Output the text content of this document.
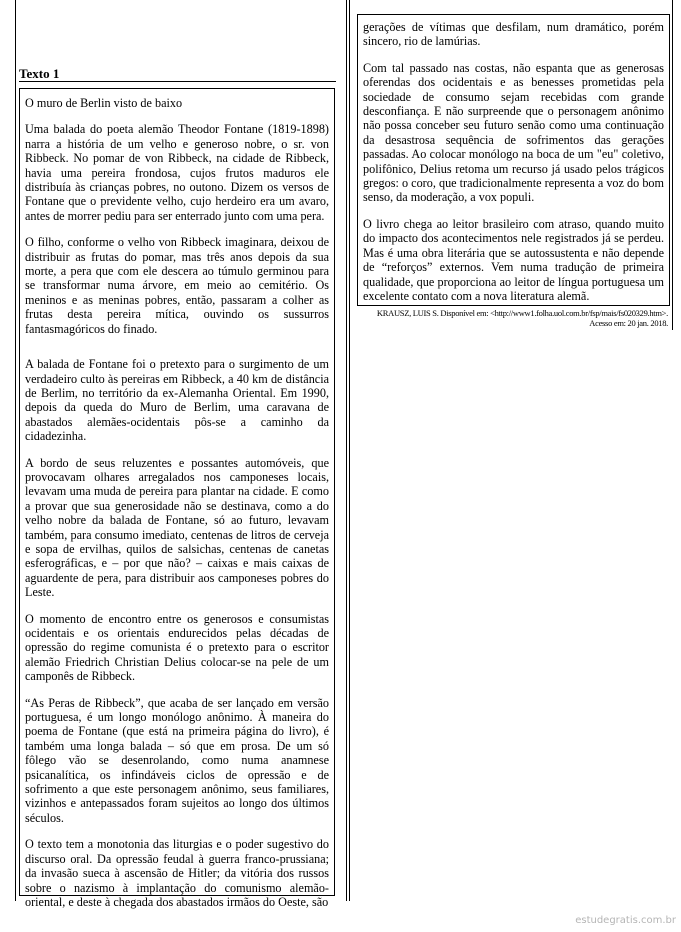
Texto 1

O muro de Berlin visto de baixo

Uma balada do poeta alemão Theodor Fontane (1819-1898) narra a história de um velho e generoso nobre, o sr. von Ribbeck. No pomar de von Ribbeck, na cidade de Ribbeck, havia uma pereira frondosa, cujos frutos maduros ele distribuía às crianças pobres, no outono. Dizem os versos de Fontane que o previdente velho, cujo herdeiro era um avaro, antes de morrer pediu para ser enterrado junto com uma pera.

O filho, conforme o velho von Ribbeck imaginara, deixou de distribuir as frutas do pomar, mas três anos depois da sua morte, a pera que com ele descera ao túmulo germinou para se transformar numa árvore, em meio ao cemitério. Os meninos e as meninas pobres, então, passaram a colher as frutas desta pereira mítica, ouvindo os sussurros fantasmagóricos do finado.

A balada de Fontane foi o pretexto para o surgimento de um verdadeiro culto às pereiras em Ribbeck, a 40 km de distância de Berlim, no território da ex-Alemanha Oriental. Em 1990, depois da queda do Muro de Berlim, uma caravana de abastados alemães-ocidentais pôs-se a caminho da cidadezinha.

A bordo de seus reluzentes e possantes automóveis, que provocavam olhares arregalados nos camponeses locais, levavam uma muda de pereira para plantar na cidade. E como a provar que sua generosidade não se destinava, como a do velho nobre da balada de Fontane, só ao futuro, levavam também, para consumo imediato, centenas de litros de cerveja e sopa de ervilhas, quilos de salsichas, centenas de canetas esferográficas, e – por que não? – caixas e mais caixas de aguardente de pera, para distribuir aos camponeses pobres do Leste.

O momento de encontro entre os generosos e consumistas ocidentais e os orientais endurecidos pelas décadas de opressão do regime comunista é o pretexto para o escritor alemão Friedrich Christian Delius colocar-se na pele de um camponês de Ribbeck.

“As Peras de Ribbeck”, que acaba de ser lançado em versão portuguesa, é um longo monólogo anônimo. À maneira do poema de Fontane (que está na primeira página do livro), é também uma longa balada – só que em prosa. De um só fôlego vão se desenrolando, como numa anamnese psicanalítica, os infindáveis ciclos de opressão e de sofrimento a que este personagem anônimo, seus familiares, vizinhos e antepassados foram sujeitos ao longo dos últimos séculos.

O texto tem a monotonia das liturgias e o poder sugestivo do discurso oral. Da opressão feudal à guerra franco-prussiana; da invasão sueca à ascensão de Hitler; da vitória dos russos sobre o nazismo à implantação do comunismo alemão-oriental, e deste à chegada dos abastados irmãos do Oeste, são

gerações de vítimas que desfilam, num dramático, porém sincero, rio de lamúrias.

Com tal passado nas costas, não espanta que as generosas oferendas dos ocidentais e as benesses prometidas pela sociedade de consumo sejam recebidas com grande desconfiança. E não surpreende que o personagem anônimo não possa conceber seu futuro senão como uma continuação da desastrosa sequência de sofrimentos das gerações passadas. Ao colocar monólogo na boca de um "eu" coletivo, polifônico, Delius retoma um recurso já usado pelos trágicos gregos: o coro, que tradicionalmente representa a voz do bom senso, da moderação, a vox populi.

O livro chega ao leitor brasileiro com atraso, quando muito do impacto dos acontecimentos nele registrados já se perdeu. Mas é uma obra literária que se autossustenta e não depende de “reforços” externos. Vem numa tradução de primeira qualidade, que proporciona ao leitor de língua portuguesa um excelente contato com a nova literatura alemã.

KRAUSZ, LUIS S. Disponível em: <http://www1.folha.uol.com.br/fsp/mais/fs020329.htm>.
Acesso em: 20 jan. 2018.
estudegratis.com.br
